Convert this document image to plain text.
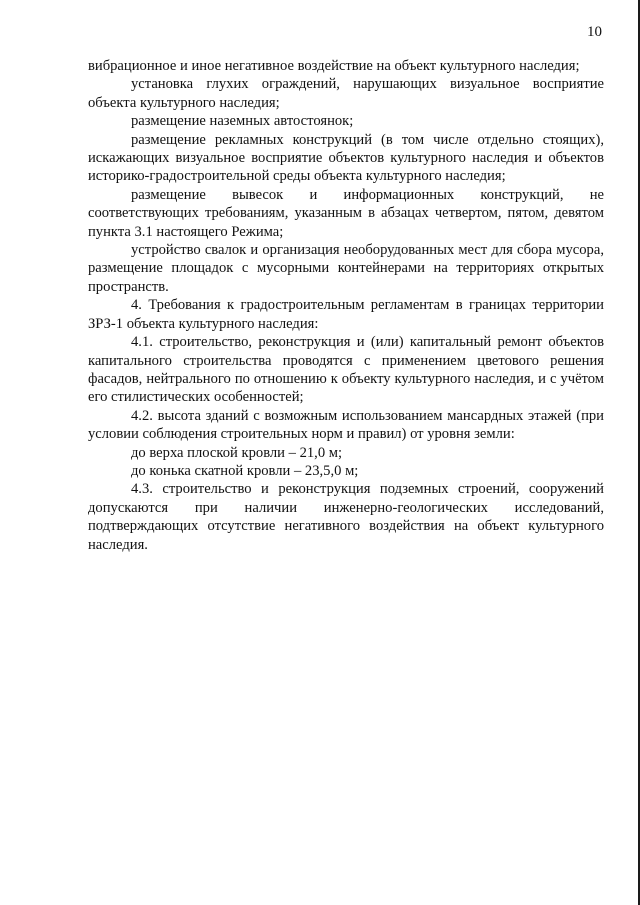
10

вибрационное и иное негативное воздействие на объект культурного наследия;

установка глухих ограждений, нарушающих визуальное восприятие объекта культурного наследия;

размещение наземных автостоянок;

размещение рекламных конструкций (в том числе отдельно стоящих), искажающих визуальное восприятие объектов культурного наследия и объектов историко-градостроительной среды объекта культурного наследия;

размещение вывесок и информационных конструкций, не соответствующих требованиям, указанным в абзацах четвертом, пятом, девятом пункта 3.1 настоящего Режима;

устройство свалок и организация необорудованных мест для сбора мусора, размещение площадок с мусорными контейнерами на территориях открытых пространств.

4. Требования к градостроительным регламентам в границах территории ЗРЗ-1 объекта культурного наследия:

4.1. строительство, реконструкция и (или) капитальный ремонт объектов капитального строительства проводятся с применением цветового решения фасадов, нейтрального по отношению к объекту культурного наследия, и с учётом его стилистических особенностей;

4.2. высота зданий с возможным использованием мансардных этажей (при условии соблюдения строительных норм и правил) от уровня земли:

до верха плоской кровли – 21,0 м;

до конька скатной кровли – 23,5,0 м;

4.3. строительство и реконструкция подземных строений, сооружений допускаются при наличии инженерно-геологических исследований, подтверждающих отсутствие негативного воздействия на объект культурного наследия.
